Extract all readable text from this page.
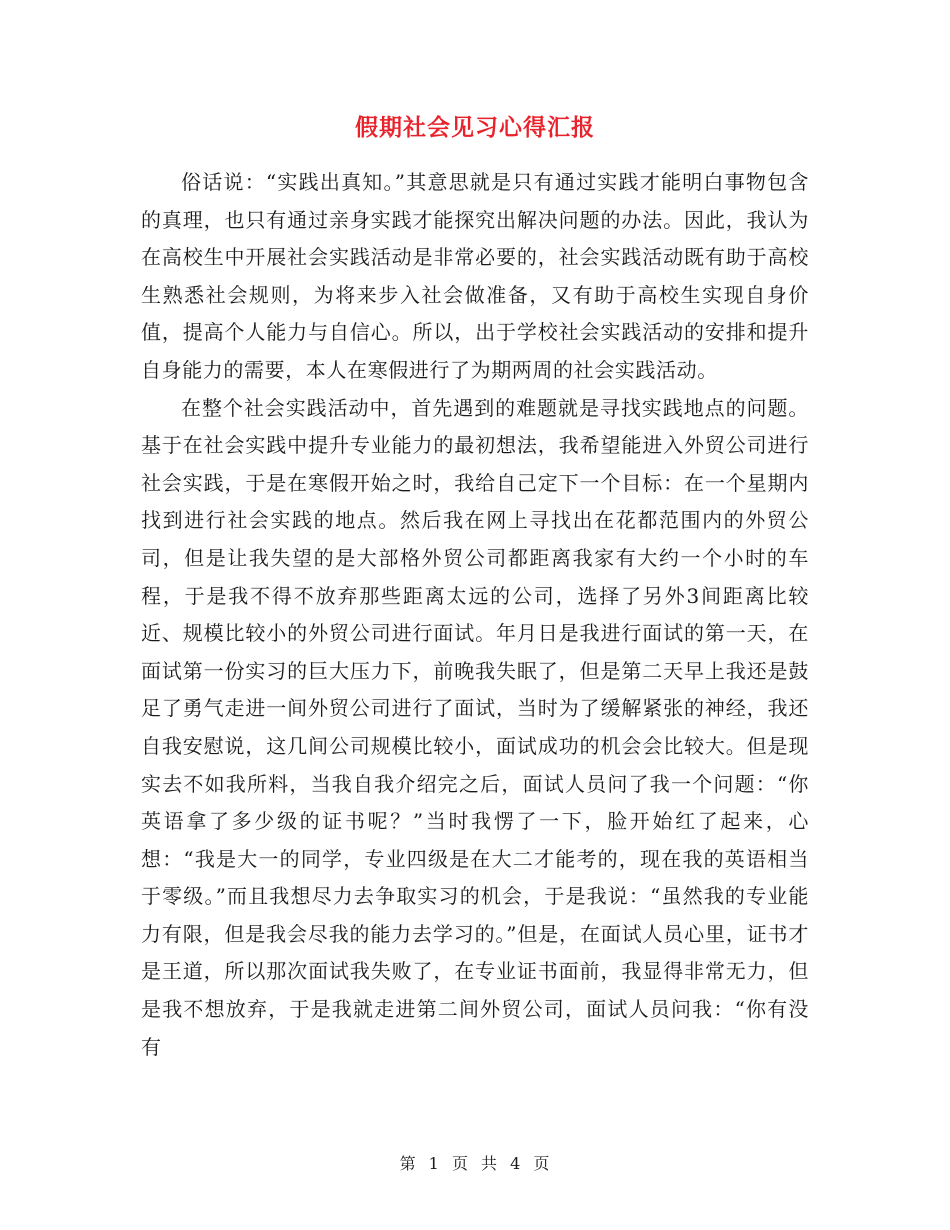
假期社会见习心得汇报

俗话说：“实践出真知。”其意思就是只有通过实践才能明白事物包含的真理，也只有通过亲身实践才能探究出解决问题的办法。因此，我认为在高校生中开展社会实践活动是非常必要的，社会实践活动既有助于高校生熟悉社会规则，为将来步入社会做准备，又有助于高校生实现自身价值，提高个人能力与自信心。所以，出于学校社会实践活动的安排和提升自身能力的需要，本人在寒假进行了为期两周的社会实践活动。

在整个社会实践活动中，首先遇到的难题就是寻找实践地点的问题。基于在社会实践中提升专业能力的最初想法，我希望能进入外贸公司进行社会实践，于是在寒假开始之时，我给自己定下一个目标：在一个星期内找到进行社会实践的地点。然后我在网上寻找出在花都范围内的外贸公司，但是让我失望的是大部格外贸公司都距离我家有大约一个小时的车程，于是我不得不放弃那些距离太远的公司，选择了另外3间距离比较近、规模比较小的外贸公司进行面试。年月日是我进行面试的第一天，在面试第一份实习的巨大压力下，前晚我失眠了，但是第二天早上我还是鼓足了勇气走进一间外贸公司进行了面试，当时为了缓解紧张的神经，我还自我安慰说，这几间公司规模比较小，面试成功的机会会比较大。但是现实去不如我所料，当我自我介绍完之后，面试人员问了我一个问题：“你英语拿了多少级的证书呢？”当时我愣了一下，脸开始红了起来，心想：“我是大一的同学，专业四级是在大二才能考的，现在我的英语相当于零级。”而且我想尽力去争取实习的机会，于是我说：“虽然我的专业能力有限，但是我会尽我的能力去学习的。”但是，在面试人员心里，证书才是王道，所以那次面试我失败了，在专业证书面前，我显得非常无力，但是我不想放弃，于是我就走进第二间外贸公司，面试人员问我：“你有没有

第 1 页 共 4 页
